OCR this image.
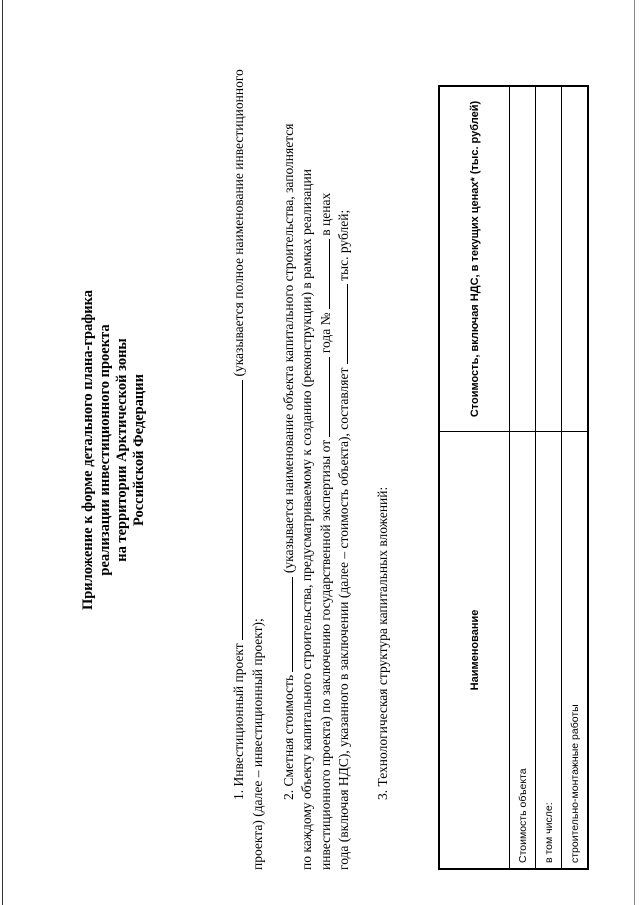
Приложение к форме детального плана-графика реализации инвестиционного проекта на территории Арктической зоны Российской Федерации
1. Инвестиционный проект  (указывается полное наименование инвестиционного
проекта) (далее – инвестиционный проект); 2. Сметная стоимость  (указывается наименование объекта капитального строительства, заполняется по каждому объекту капитального строительства, предусматриваемому к созданию (реконструкции) в рамках реализации инвестиционного проекта) по заключению государственной экспертизы от  года №  в ценах
года (включая НДС), указанного в заключении (далее – стоимость объекта), составляет  тыс. рублей;
3. Технологическая структура капитальных вложений:	Наименование	Стоимость, включая НДС, в текущих ценах* (тыс. рублей)
Стоимость объекта	
в том числе:	
строительно-монтажные работы	
